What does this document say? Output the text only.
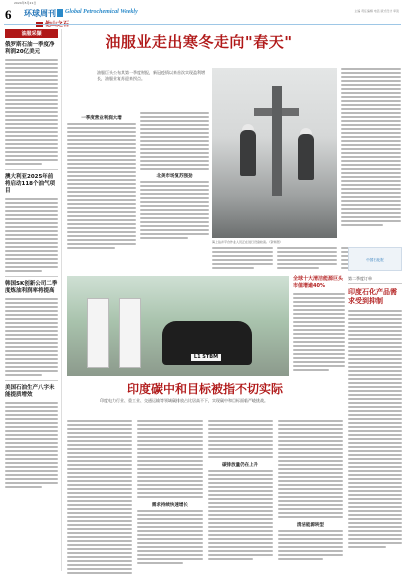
2024年5月21日
6 环球周刊 Global Petrochemical Weekly	主编 责任编辑 电话 版式设计 审读
油服采撷
俄罗斯石油一季度净利润20亿美元
澳大利亚2025年前将启动118个油气项目
韩国SK创新公司二季度炼油利润率将提高
美国石油生产八字未能提质增效
油服业走出寒冬走向"春天"
油服巨头公布其第一季度财报，新冠疫情以来首次实现盈利增长，油服业复苏迎来拐点。
海上钻井平台作业人员正在进行设备检查。（资料图）
一季度营业利润大增
北美市场复苏强劲
中国石化报
L1 STBM
全球十大清洁能源巨头市值增逾40%
印度碳中和目标被指不切实际
印度电力行业、重工业、交通运输等领域碳排放占比居高不下，实现碳中和目标面临严峻挑战。
需求持续快速增长
碳排放量仍在上升
清洁能源转型
第二季度订单
印度石化产品需求受到抑制
